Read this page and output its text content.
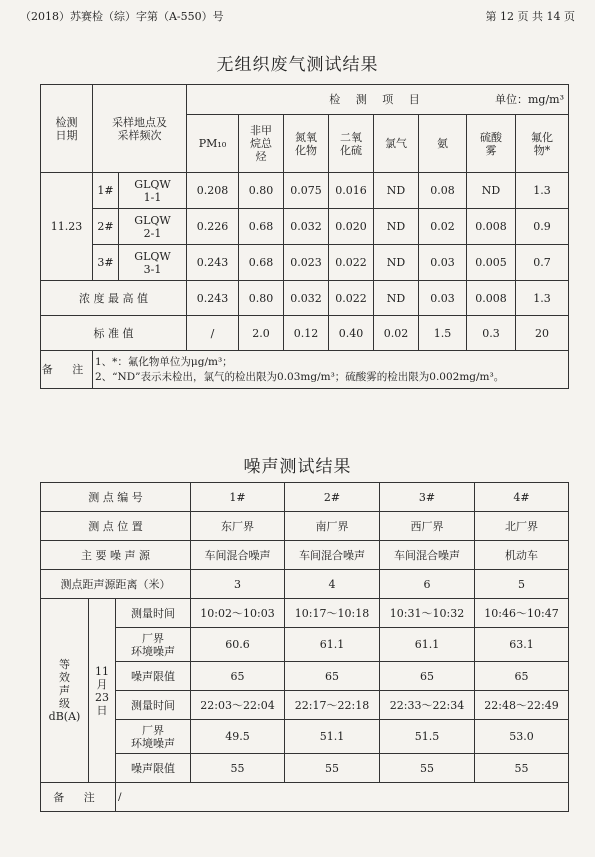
（2018）苏赛检（综）字第（A-550）号	第 12 页 共 14 页
无组织废气测试结果
检测
日期	采样地点及
采样频次		检 测 项 目 单位：mg/m³							

			PM₁₀	非甲
烷总
烃	氮氧
化物	二氧
化硫	氯气	氨	硫酸
雾	氟化
物*
11.23	1#	GLQW
1-1	0.208	0.80	0.075	0.016	ND	0.08	ND	1.3
	2#	GLQW
2-1	0.226	0.68	0.032	0.020	ND	0.02	0.008	0.9
	3#	GLQW
3-1	0.243	0.68	0.023	0.022	ND	0.03	0.005	0.7
浓 度 最 高 值			0.243	0.80	0.032	0.022	ND	0.03	0.008	1.3
标 准 值			/	2.0	0.12	0.40	0.02	1.5	0.3	20
备 注	1、*：氟化物单位为μg/m³；
2、“ND”表示未检出，氯气的检出限为0.03mg/m³；硫酸雾的检出限为0.002mg/m³。									
噪声测试结果
测 点 编 号			1#	2#	3#	4#
测 点 位 置			东厂界	南厂界	西厂界	北厂界
主 要 噪 声 源			车间混合噪声	车间混合噪声	车间混合噪声	机动车
测点距声源距离（米）			3	4	6	5
等
效
声
级
dB(A)	11
月
23
日	测量时间	10:02～10:03	10:17～10:18	10:31～10:32	10:46～10:47
		厂界
环境噪声	60.6	61.1	61.1	63.1
		噪声限值	65	65	65	65
		测量时间	22:03～22:04	22:17～22:18	22:33～22:34	22:48～22:49
		厂界
环境噪声	49.5	51.1	51.5	53.0
		噪声限值	55	55	55	55
备 注		/				
